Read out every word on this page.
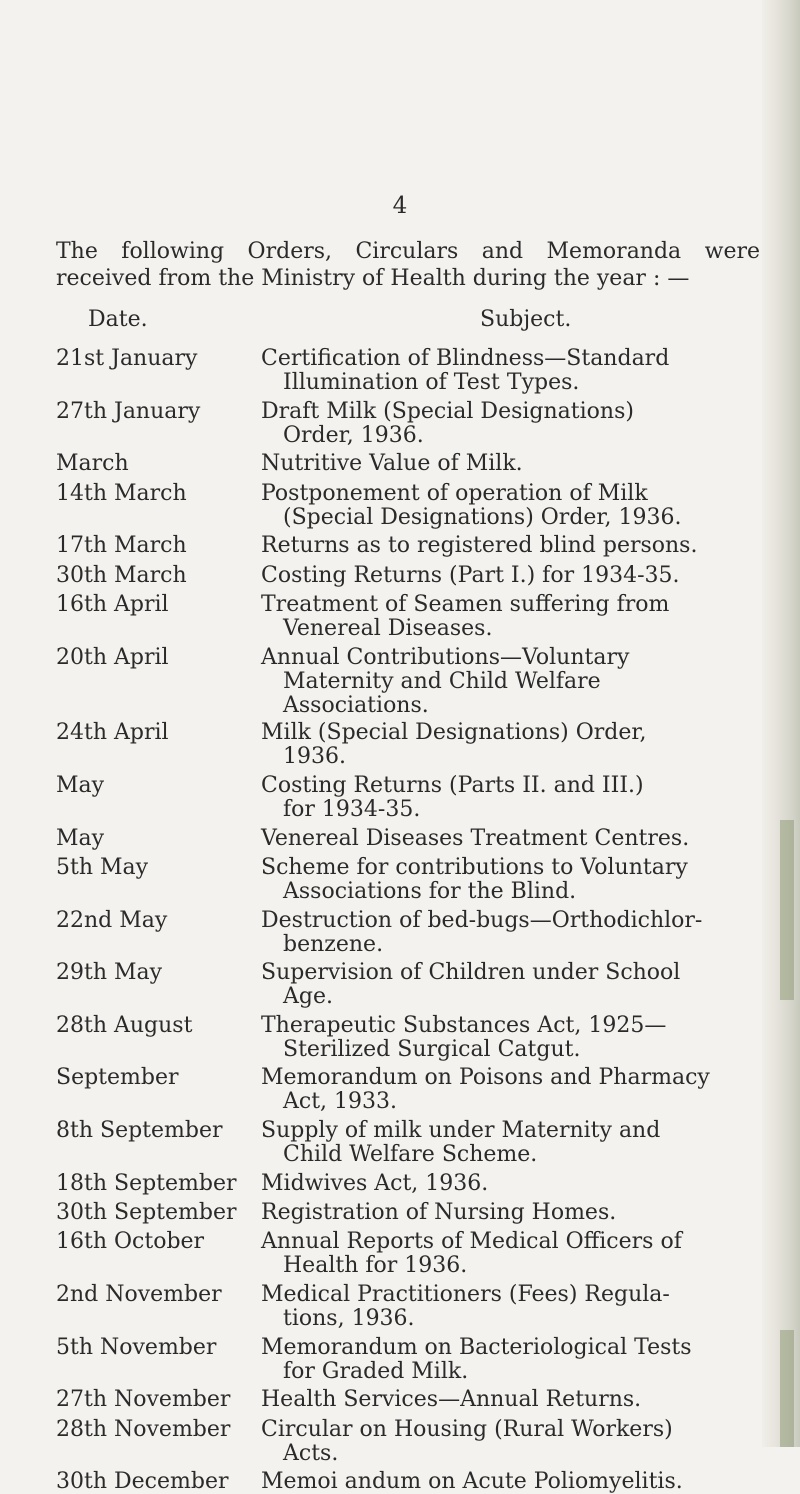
4
The following Orders, Circulars and Memoranda were received from the Ministry of Health during the year : —
Date.	Subject.
21st January	Certification of Blindness—Standard
Illumination of Test Types.
27th January	Draft Milk (Special Designations)
Order, 1936.
March	Nutritive Value of Milk.
14th March	Postponement of operation of Milk
(Special Designations) Order, 1936.
17th March	Returns as to registered blind persons.
30th March	Costing Returns (Part I.) for 1934-35.
16th April	Treatment of Seamen suffering from
Venereal Diseases.
20th April	Annual Contributions—Voluntary
Maternity and Child Welfare
Associations.
24th April	Milk (Special Designations) Order,
1936.
May	Costing Returns (Parts II. and III.)
for 1934-35.
May	Venereal Diseases Treatment Centres.
5th May	Scheme for contributions to Voluntary
Associations for the Blind.
22nd May	Destruction of bed-bugs—Orthodichlor-
benzene.
29th May	Supervision of Children under School
Age.
28th August	Therapeutic Substances Act, 1925—
Sterilized Surgical Catgut.
September	Memorandum on Poisons and Pharmacy
Act, 1933.
8th September	Supply of milk under Maternity and
Child Welfare Scheme.
18th September	Midwives Act, 1936.
30th September	Registration of Nursing Homes.
16th October	Annual Reports of Medical Officers of
Health for 1936.
2nd November	Medical Practitioners (Fees) Regula-
tions, 1936.
5th November	Memorandum on Bacteriological Tests
for Graded Milk.
27th November	Health Services—Annual Returns.
28th November	Circular on Housing (Rural Workers)
Acts.
30th December	Memoi andum on Acute Poliomyelitis.
